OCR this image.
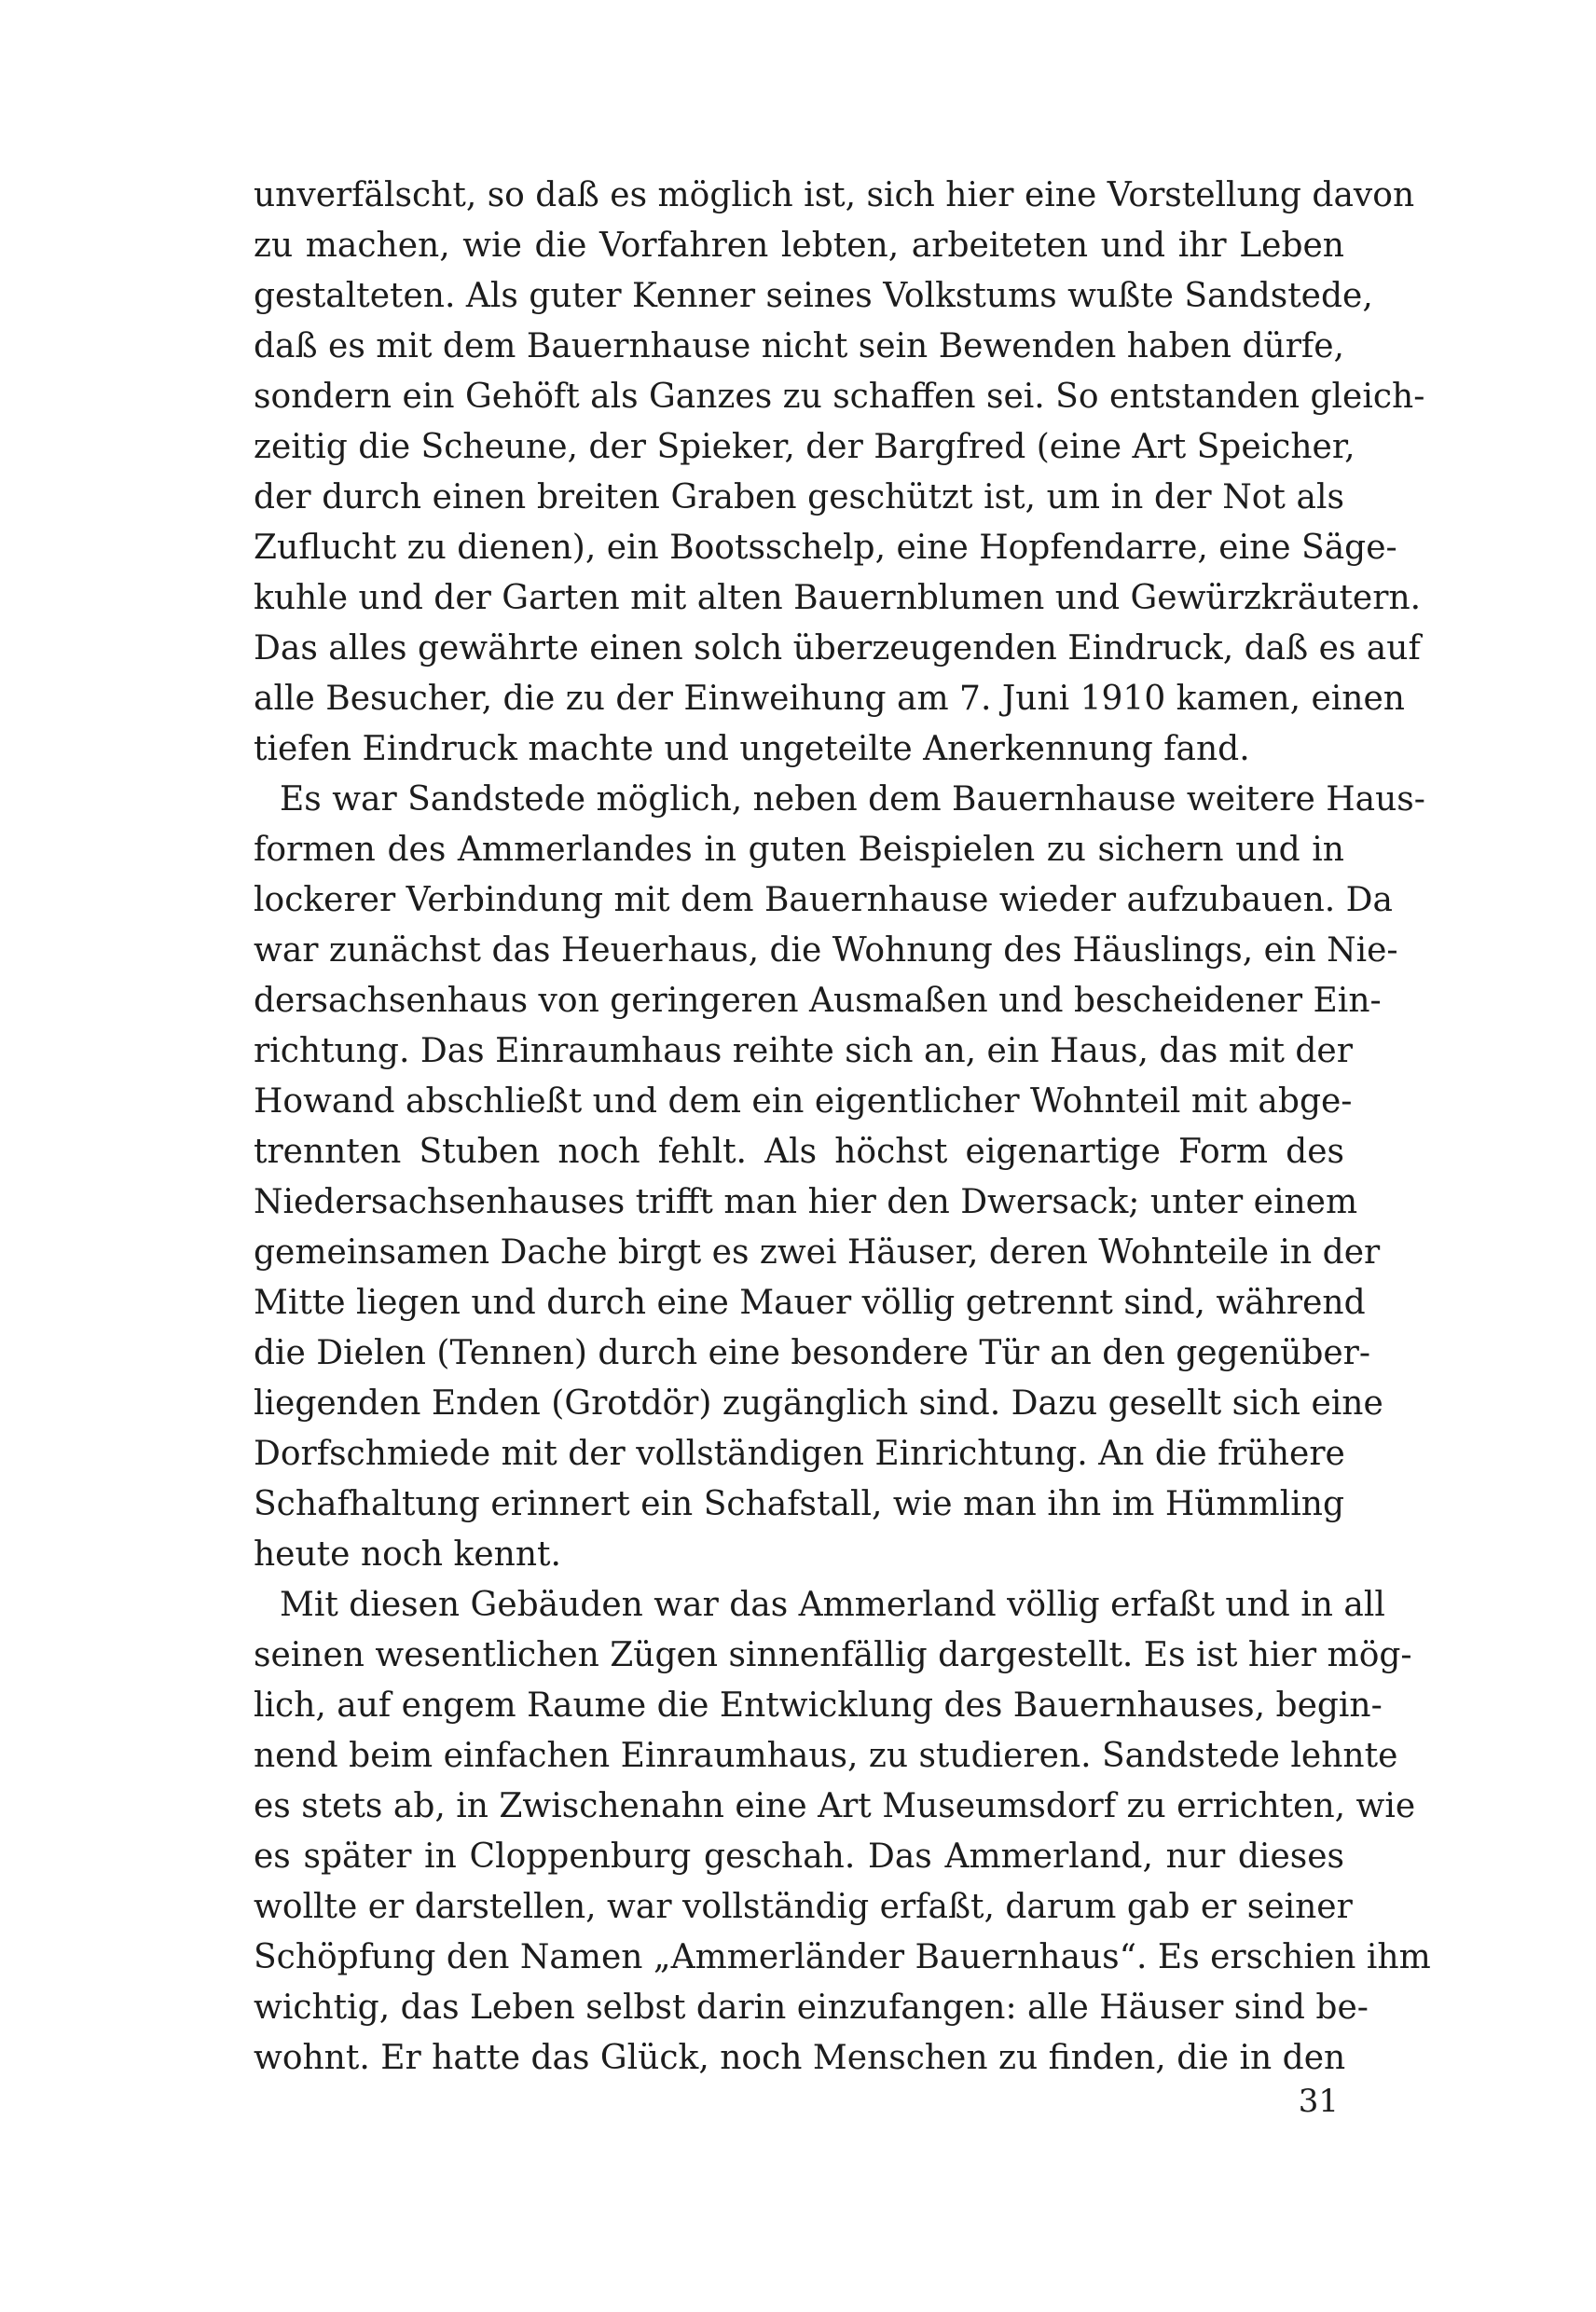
unverfälscht, so daß es möglich ist, sich hier eine Vorstellung davon

zu machen, wie die Vorfahren lebten, arbeiteten und ihr Leben

gestalteten. Als guter Kenner seines Volkstums wußte Sandstede,

daß es mit dem Bauernhause nicht sein Bewenden haben dürfe,

sondern ein Gehöft als Ganzes zu schaffen sei. So entstanden gleich-

zeitig die Scheune, der Spieker, der Bargfred (eine Art Speicher,

der durch einen breiten Graben geschützt ist, um in der Not als

Zuflucht zu dienen), ein Bootsschelp, eine Hopfendarre, eine Säge-

kuhle und der Garten mit alten Bauernblumen und Gewürzkräutern.

Das alles gewährte einen solch überzeugenden Eindruck, daß es auf

alle Besucher, die zu der Einweihung am 7. Juni 1910 kamen, einen

tiefen Eindruck machte und ungeteilte Anerkennung fand.

Es war Sandstede möglich, neben dem Bauernhause weitere Haus-

formen des Ammerlandes in guten Beispielen zu sichern und in

lockerer Verbindung mit dem Bauernhause wieder aufzubauen. Da

war zunächst das Heuerhaus, die Wohnung des Häuslings, ein Nie-

dersachsenhaus von geringeren Ausmaßen und bescheidener Ein-

richtung. Das Einraumhaus reihte sich an, ein Haus, das mit der

Howand abschließt und dem ein eigentlicher Wohnteil mit abge-

trennten Stuben noch fehlt. Als höchst eigenartige Form des

Niedersachsenhauses trifft man hier den Dwersack; unter einem

gemeinsamen Dache birgt es zwei Häuser, deren Wohnteile in der

Mitte liegen und durch eine Mauer völlig getrennt sind, während

die Dielen (Tennen) durch eine besondere Tür an den gegenüber-

liegenden Enden (Grotdör) zugänglich sind. Dazu gesellt sich eine

Dorfschmiede mit der vollständigen Einrichtung. An die frühere

Schafhaltung erinnert ein Schafstall, wie man ihn im Hümmling

heute noch kennt.

Mit diesen Gebäuden war das Ammerland völlig erfaßt und in all

seinen wesentlichen Zügen sinnenfällig dargestellt. Es ist hier mög-

lich, auf engem Raume die Entwicklung des Bauernhauses, begin-

nend beim einfachen Einraumhaus, zu studieren. Sandstede lehnte

es stets ab, in Zwischenahn eine Art Museumsdorf zu errichten, wie

es später in Cloppenburg geschah. Das Ammerland, nur dieses

wollte er darstellen, war vollständig erfaßt, darum gab er seiner

Schöpfung den Namen „Ammerländer Bauernhaus“. Es erschien ihm

wichtig, das Leben selbst darin einzufangen: alle Häuser sind be-

wohnt. Er hatte das Glück, noch Menschen zu finden, die in den

31
